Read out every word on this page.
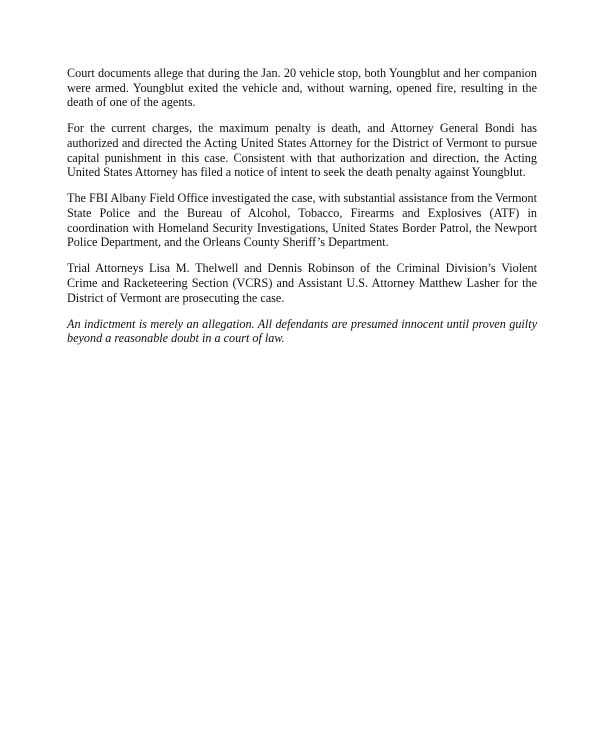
Court documents allege that during the Jan. 20 vehicle stop, both Youngblut and her companion were armed. Youngblut exited the vehicle and, without warning, opened fire, resulting in the death of one of the agents.

For the current charges, the maximum penalty is death, and Attorney General Bondi has authorized and directed the Acting United States Attorney for the District of Vermont to pursue capital punishment in this case. Consistent with that authorization and direction, the Acting United States Attorney has filed a notice of intent to seek the death penalty against Youngblut.

The FBI Albany Field Office investigated the case, with substantial assistance from the Vermont State Police and the Bureau of Alcohol, Tobacco, Firearms and Explosives (ATF) in coordination with Homeland Security Investigations, United States Border Patrol, the Newport Police Department, and the Orleans County Sheriff’s Department.

Trial Attorneys Lisa M. Thelwell and Dennis Robinson of the Criminal Division’s Violent Crime and Racketeering Section (VCRS) and Assistant U.S. Attorney Matthew Lasher for the District of Vermont are prosecuting the case.

An indictment is merely an allegation. All defendants are presumed innocent until proven guilty beyond a reasonable doubt in a court of law.
